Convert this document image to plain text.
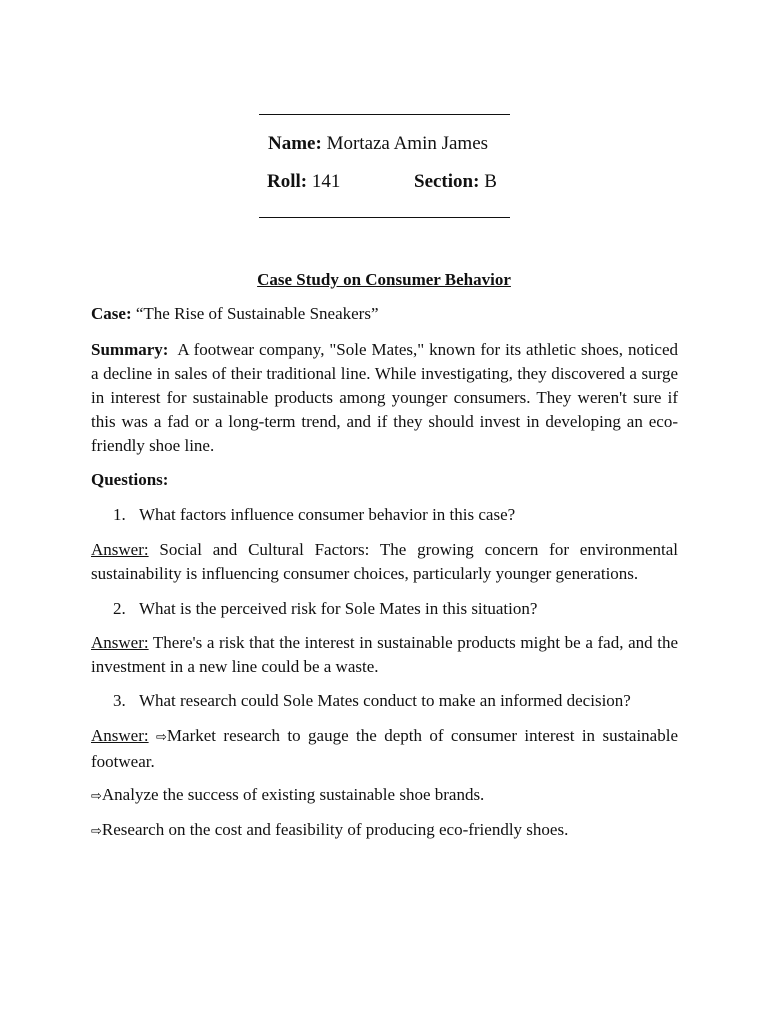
Name: Mortaza Amin James
Roll: 141	Section: B
Case Study on Consumer Behavior
Case: “The Rise of Sustainable Sneakers”
Summary: A footwear company, "Sole Mates," known for its athletic shoes, noticed a decline in sales of their traditional line. While investigating, they discovered a surge in interest for sustainable products among younger consumers. They weren't sure if this was a fad or a long-term trend, and if they should invest in developing an eco-friendly shoe line.
Questions:
1. What factors influence consumer behavior in this case?
Answer: Social and Cultural Factors: The growing concern for environmental sustainability is influencing consumer choices, particularly younger generations.
2. What is the perceived risk for Sole Mates in this situation?
Answer: There's a risk that the interest in sustainable products might be a fad, and the investment in a new line could be a waste.
3. What research could Sole Mates conduct to make an informed decision?
Answer: ⇨Market research to gauge the depth of consumer interest in sustainable footwear.
⇨Analyze the success of existing sustainable shoe brands.
⇨Research on the cost and feasibility of producing eco-friendly shoes.
